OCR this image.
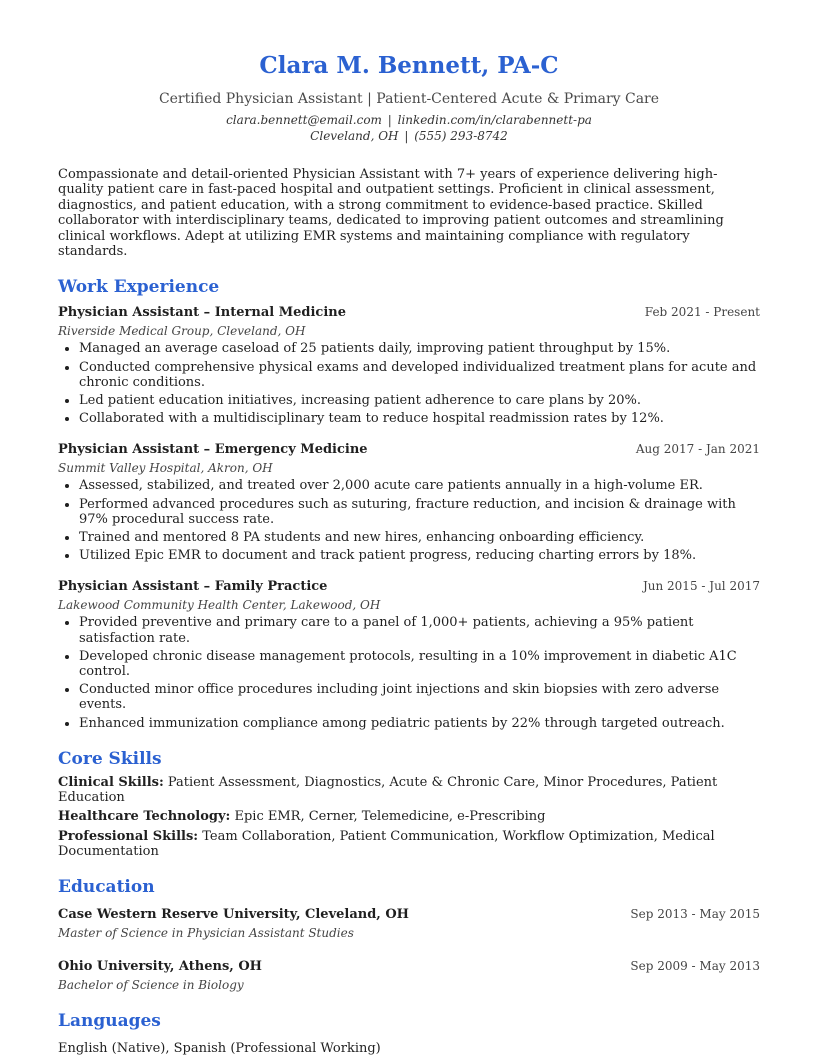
Clara M. Bennett, PA-C
Certified Physician Assistant | Patient-Centered Acute & Primary Care
clara.bennett@email.com | linkedin.com/in/clarabennett-pa
Cleveland, OH | (555) 293-8742
Compassionate and detail-oriented Physician Assistant with 7+ years of experience delivering high-quality patient care in fast-paced hospital and outpatient settings. Proficient in clinical assessment, diagnostics, and patient education, with a strong commitment to evidence-based practice. Skilled collaborator with interdisciplinary teams, dedicated to improving patient outcomes and streamlining clinical workflows. Adept at utilizing EMR systems and maintaining compliance with regulatory standards.
Work Experience
Physician Assistant – Internal Medicine	Feb 2021 - Present
Riverside Medical Group, Cleveland, OH
• Managed an average caseload of 25 patients daily, improving patient throughput by 15%.
• Conducted comprehensive physical exams and developed individualized treatment plans for acute and chronic conditions.
• Led patient education initiatives, increasing patient adherence to care plans by 20%.
• Collaborated with a multidisciplinary team to reduce hospital readmission rates by 12%.
Physician Assistant – Emergency Medicine	Aug 2017 - Jan 2021
Summit Valley Hospital, Akron, OH
• Assessed, stabilized, and treated over 2,000 acute care patients annually in a high-volume ER.
• Performed advanced procedures such as suturing, fracture reduction, and incision & drainage with 97% procedural success rate.
• Trained and mentored 8 PA students and new hires, enhancing onboarding efficiency.
• Utilized Epic EMR to document and track patient progress, reducing charting errors by 18%.
Physician Assistant – Family Practice	Jun 2015 - Jul 2017
Lakewood Community Health Center, Lakewood, OH
• Provided preventive and primary care to a panel of 1,000+ patients, achieving a 95% patient satisfaction rate.
• Developed chronic disease management protocols, resulting in a 10% improvement in diabetic A1C control.
• Conducted minor office procedures including joint injections and skin biopsies with zero adverse events.
• Enhanced immunization compliance among pediatric patients by 22% through targeted outreach.
Core Skills
Clinical Skills: Patient Assessment, Diagnostics, Acute & Chronic Care, Minor Procedures, Patient Education
Healthcare Technology: Epic EMR, Cerner, Telemedicine, e-Prescribing
Professional Skills: Team Collaboration, Patient Communication, Workflow Optimization, Medical Documentation
Education
Case Western Reserve University, Cleveland, OH	Sep 2013 - May 2015
Master of Science in Physician Assistant Studies
Ohio University, Athens, OH	Sep 2009 - May 2013
Bachelor of Science in Biology
Languages
English (Native), Spanish (Professional Working)
